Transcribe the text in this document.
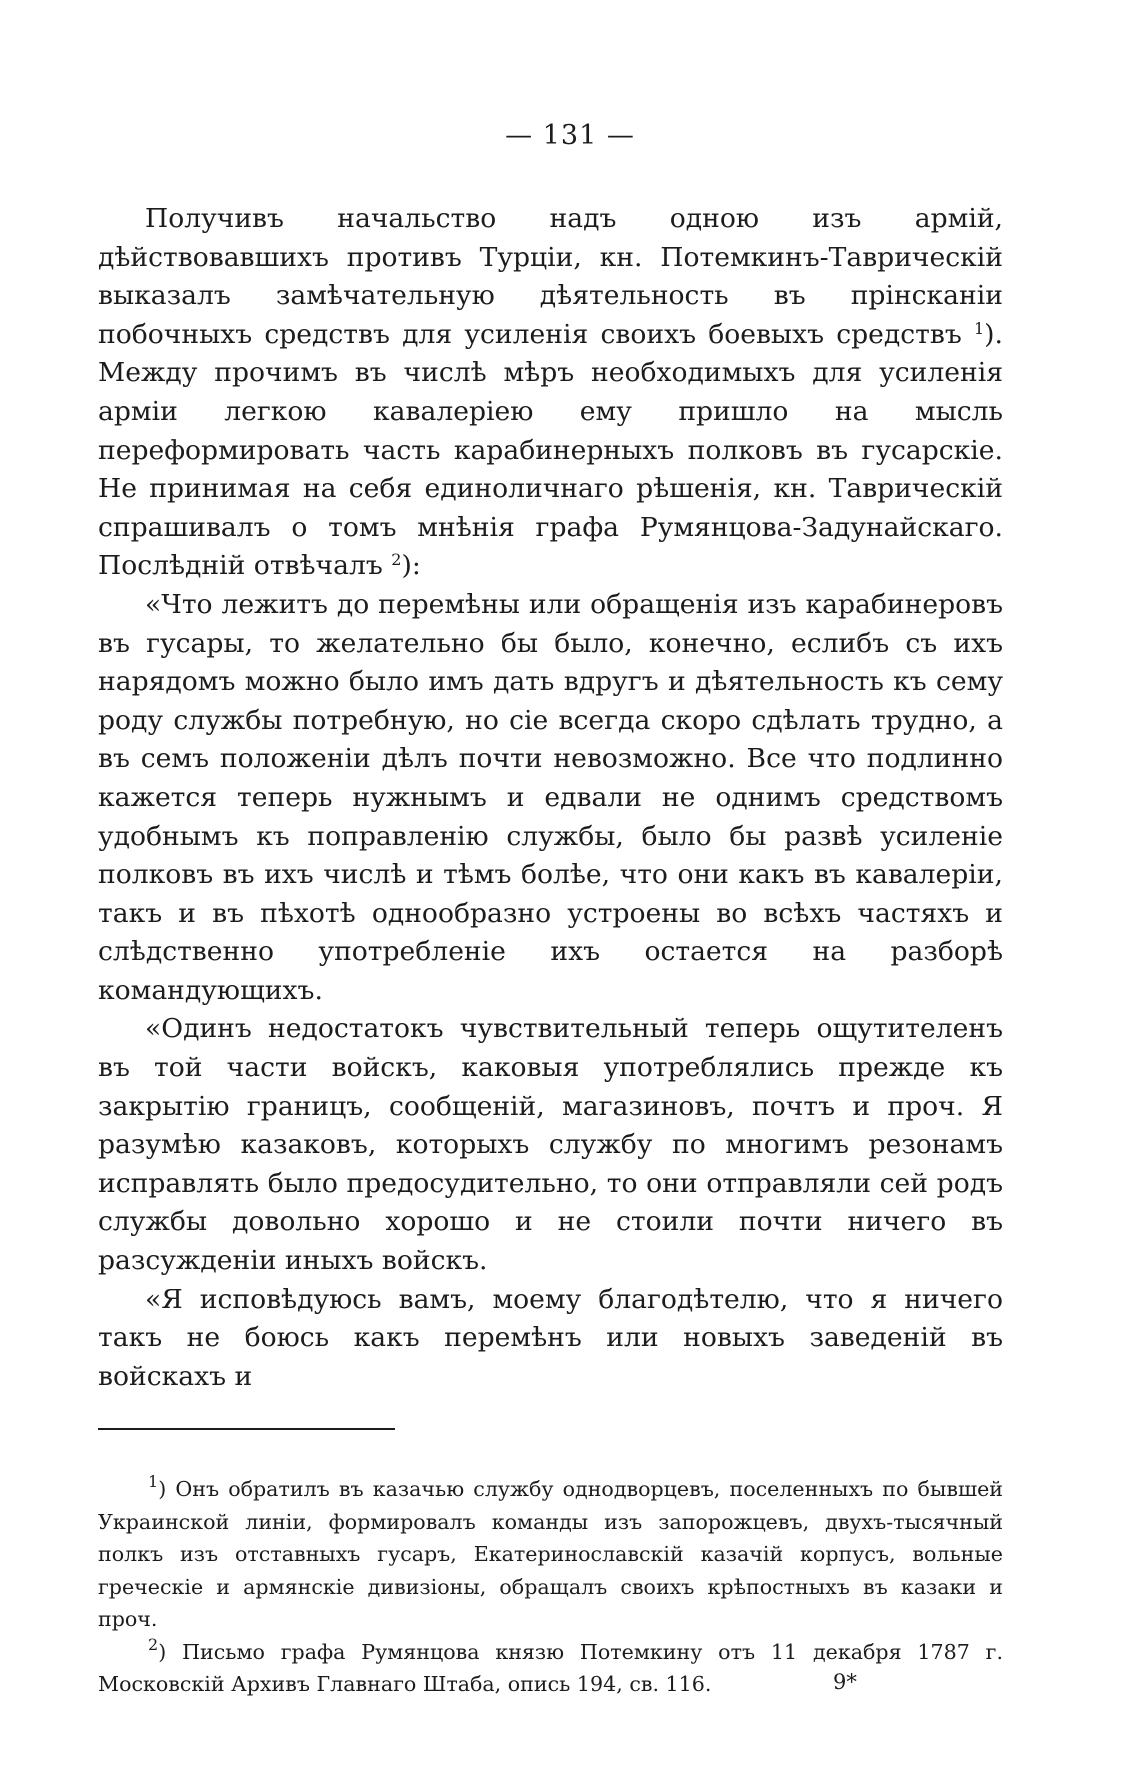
— 131 —

Получивъ начальство надъ одною изъ армій, дѣйствовавшихъ противъ Турціи, кн. Потемкинъ-Таврическій выказалъ замѣчательную дѣятельность въ прінсканіи побочныхъ средствъ для усиленія своихъ боевыхъ средствъ $^1$). Между прочимъ въ числѣ мѣръ необходимыхъ для усиленія арміи легкою кавалеріею ему пришло на мысль переформировать часть карабинерныхъ полковъ въ гусарскіе. Не принимая на себя единоличнаго рѣшенія, кн. Таврическій спрашивалъ о томъ мнѣнія графа Румянцова-Задунайскаго. Послѣдній отвѣчалъ $^2$):

«Что лежитъ до перемѣны или обращенія изъ карабинеровъ въ гусары, то желательно бы было, конечно, еслибъ съ ихъ нарядомъ можно было имъ дать вдругъ и дѣятельность къ сему роду службы потребную, но сіе всегда скоро сдѣлать трудно, а въ семъ положеніи дѣлъ почти невозможно. Все что подлинно кажется теперь нужнымъ и едвали не однимъ средствомъ удобнымъ къ поправленію службы, было бы развѣ усиленіе полковъ въ ихъ числѣ и тѣмъ болѣе, что они какъ въ кавалеріи, такъ и въ пѣхотѣ однообразно устроены во всѣхъ частяхъ и слѣдственно употребленіе ихъ остается на разборѣ командующихъ.

«Одинъ недостатокъ чувствительный теперь ощутителенъ въ той части войскъ, каковыя употреблялись прежде къ закрытію границъ, сообщеній, магазиновъ, почтъ и проч. Я разумѣю казаковъ, которыхъ службу по многимъ резонамъ исправлять было предосудительно, то они отправляли сей родъ службы довольно хорошо и не стоили почти ничего въ разсужденіи иныхъ войскъ.

«Я исповѣдуюсь вамъ, моему благодѣтелю, что я ничего такъ не боюсь какъ перемѣнъ или новыхъ заведеній въ войскахъ и

$^1$) Онъ обратилъ въ казачью службу однодворцевъ, поселенныхъ по бывшей Украинской линіи, формировалъ команды изъ запорожцевъ, двухъ-тысячный полкъ изъ отставныхъ гусаръ, Екатеринославскій казачій корпусъ, вольные греческіе и армянскіе дивизіоны, обращалъ своихъ крѣпостныхъ въ казаки и проч.

$^2$) Письмо графа Румянцова князю Потемкину отъ 11 декабря 1787 г. Московскій Архивъ Главнаго Штаба, опись 194, св. 116.	9*
